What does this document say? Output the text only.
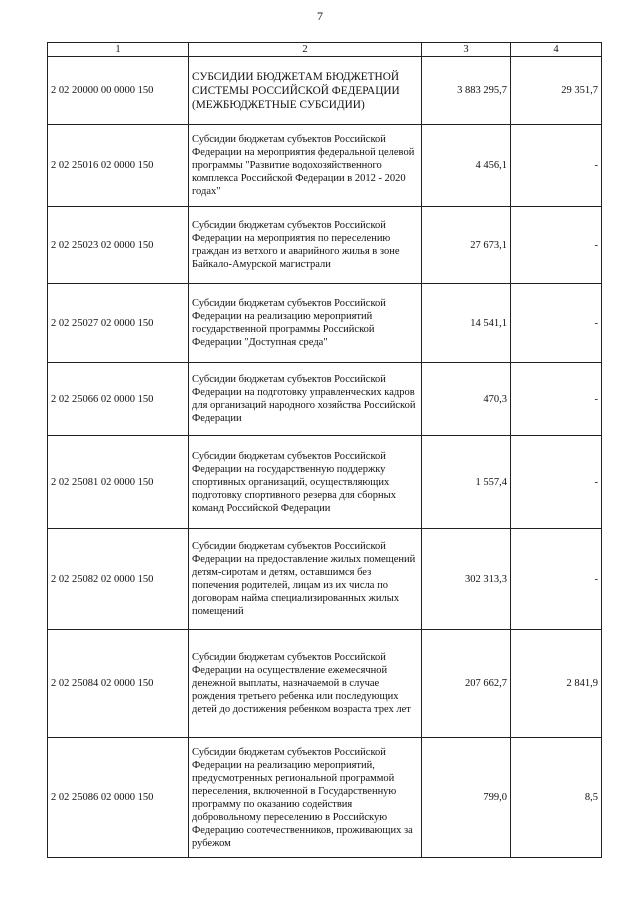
7
1	2	3	4
2 02 20000 00 0000 150	СУБСИДИИ БЮДЖЕТАМ БЮДЖЕТНОЙ СИСТЕМЫ РОССИЙСКОЙ ФЕДЕРАЦИИ (МЕЖБЮДЖЕТНЫЕ СУБСИДИИ)	3 883 295,7	29 351,7
2 02 25016 02 0000 150	Субсидии бюджетам субъектов Российской Федерации на мероприятия федеральной целевой программы "Развитие водохозяйственного комплекса Российской Федерации в 2012 - 2020 годах"	4 456,1	-
2 02 25023 02 0000 150	Субсидии бюджетам субъектов Российской Федерации на мероприятия по переселению граждан из ветхого и аварийного жилья в зоне Байкало-Амурской магистрали	27 673,1	-
2 02 25027 02 0000 150	Субсидии бюджетам субъектов Российской Федерации на реализацию мероприятий государственной программы Российской Федерации "Доступная среда"	14 541,1	-
2 02 25066 02 0000 150	Субсидии бюджетам субъектов Российской Федерации на подготовку управленческих кадров для организаций народного хозяйства Российской Федерации	470,3	-
2 02 25081 02 0000 150	Субсидии бюджетам субъектов Российской Федерации на государственную поддержку спортивных организаций, осуществляющих подготовку спортивного резерва для сборных команд Российской Федерации	1 557,4	-
2 02 25082 02 0000 150	Субсидии бюджетам субъектов Российской Федерации на предоставление жилых помещений детям-сиротам и детям, оставшимся без попечения родителей, лицам из их числа по договорам найма специализированных жилых помещений	302 313,3	-
2 02 25084 02 0000 150	Субсидии бюджетам субъектов Российской Федерации на осуществление ежемесячной денежной выплаты, назначаемой в случае рождения третьего ребенка или последующих детей до достижения ребенком возраста трех лет	207 662,7	2 841,9
2 02 25086 02 0000 150	Субсидии бюджетам субъектов Российской Федерации на реализацию мероприятий, предусмотренных региональной программой переселения, включенной в Государственную программу по оказанию содействия добровольному переселению в Российскую Федерацию соотечественников, проживающих за рубежом	799,0	8,5
